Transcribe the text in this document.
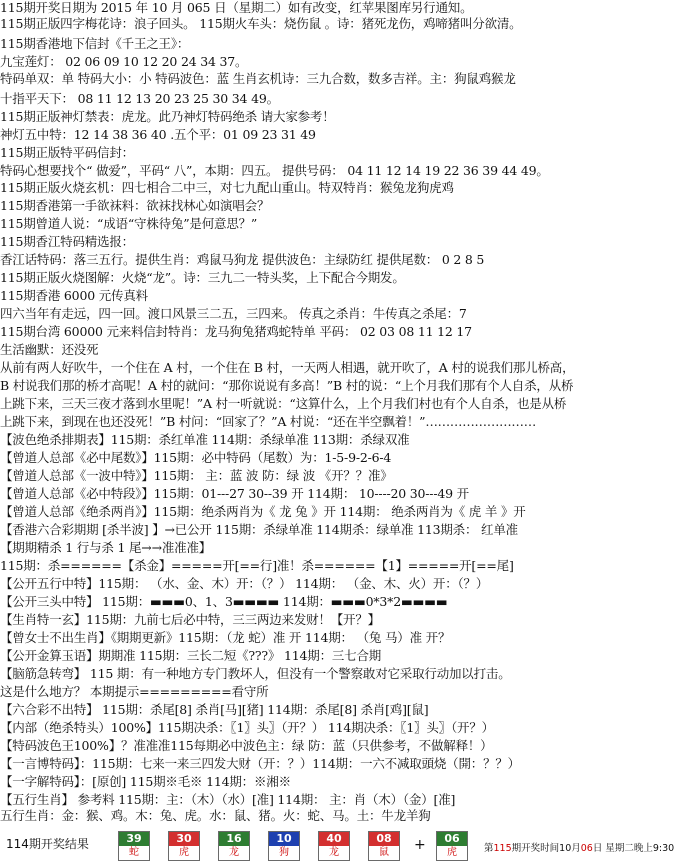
115期开奖日期为 2015 年 10 月 065 日（星期二）如有改变，红苹果图库另行通知。
115期正版四字梅花诗：浪子回头。 115期火车头：烧伤鼠 。诗：猪死龙伤，鸡啼猪叫分欲清。
115期香港地下信封《千王之王》：
九宝莲灯： 02 06 09 10 12 20 24 34 37。
特码单双：单 特码大小：小 特码波色：蓝 生肖玄机诗：三九合数，数多吉祥。主：狗鼠鸡猴龙
十指平天下： 08 11 12 13 20 23 25 30 34 49。
115期正版神灯禁表：虎龙。此乃神灯特码绝杀 请大家参考！
神灯五中特：12 14 38 36 40 .五个平：01 09 23 31 49
115期正版特平码信封：
特码心想要找个“ 做爱”，平码“ 八”，本期：四五。 提供号码： 04 11 12 14 19 22 36 39 44 49。
115期正版火烧玄机：四七相合二中三，对七九配山重山。特双特肖：猴兔龙狗虎鸡
115期香港第一手欲袜料：欲袜找林心如演唱会？
115期曾道人说：“成语“守株待兔”是何意思？”
115期香江特码精选报：
香江话特码：落三五行。提供生肖：鸡鼠马狗龙 提供波色：主绿防红 提供尾数： 0 2 8 5
115期正版火烧图解：火烧“龙”。诗：三九二一特头奖，上下配合今期发。
115期香港 6000 元传真料
四六当年有走远，四一回。渡口风景三二五，三四来。 传真之杀肖：牛传真之杀尾：7
115期台湾 60000 元来料信封特肖：龙马狗兔猪鸡蛇特单 平码： 02 03 08 11 12 17
生活幽默：还没死
从前有两人好吹牛，一个住在 A 村，一个住在 B 村，一天两人相遇，就开吹了，A 村的说我们那儿桥高，
B 村说我们那的桥才高呢！A 村的就问：“那你说说有多高！”B 村的说：“上个月我们那有个人自杀，从桥
上跳下来，三天三夜才落到水里呢！”A 村一听就说：“这算什么，上个月我们村也有个人自杀，也是从桥
上跳下来，到现在也还没死！”B 村问：“回家了？”A 村说：“还在半空飘着！”………………………
【波色绝杀排期表】115期：杀红单准 114期：杀绿单准 113期：杀绿双准
【曾道人总部《必中尾数》】115期：必中特码（尾数）为：1-5-9-2-6-4
【曾道人总部《一波中特》】115期： 主：蓝 波 防：绿 波 《开？？准》
【曾道人总部《必中特段》】115期：01---27 30--39 开 114期： 10----20 30---49 开
【曾道人总部《绝杀两肖》】115期：绝杀两肖为《 龙 兔 》开 114期： 绝杀两肖为《 虎 羊 》开
【香港六合彩期期 [杀半波] 】→已公开 115期：杀绿单准 114期杀：绿单准 113期杀： 红单准
【期期精杀 1 行与杀 1 尾→→准准准】
115期：杀======【杀金】=====开[==行]准！杀======【1】=====开[==尾]
【公开五行中特】115期： （水、金、木）开：（？） 114期： （金、木、火）开：（？）
【公开三头中特】 115期：▬▬▬0、1、3▬▬▬▬ 114期：▬▬▬0*3*2▬▬▬▬
【生肖特一玄】115期：九前七后必中特，三三两边来发财！【开？】
【曾女士不出生肖】《期期更新》115期：（龙 蛇）准 开 114期： （兔 马）准 开？
【公开金算玉语】期期准 115期：三长二短《???》 114期：三七合期
【脑筋急转弯】 115 期：有一种地方专门教坏人，但没有一个警察敢对它采取行动加以打击。
这是什么地方？ 本期提示=========看守所
【六合彩不出特】 115期：杀尾[8] 杀肖[马][猪] 114期：杀尾[8] 杀肖[鸡][鼠]
【内部（绝杀特头）100%】115期决杀：〖1〗头〗（开？） 114期决杀：〖1〗头〗（开？）
【特码波色王100%】？准准准115每期必中波色主：绿 防：蓝（只供参考，不做解释！）
【一言博特码】：115期：七来一来三四发大财（开：？）114期：一六不减取頭烧（開：？？）
【一字解特码】：[原创] 115期※毛※ 114期：※湘※
【五行生肖】 参考料 115期：主：（木）（水）[准] 114期： 主：肖（木）（金）[准]
五行生肖：金：猴、鸡。木：兔、虎。水：鼠、猪。火：蛇、马。土：牛龙羊狗
114期开奖结果	39
蛇
30
虎
16
龙
10
狗
40
龙
08
鼠	+	06
虎	第115期开奖时间10月06日 星期二晚上9:30
